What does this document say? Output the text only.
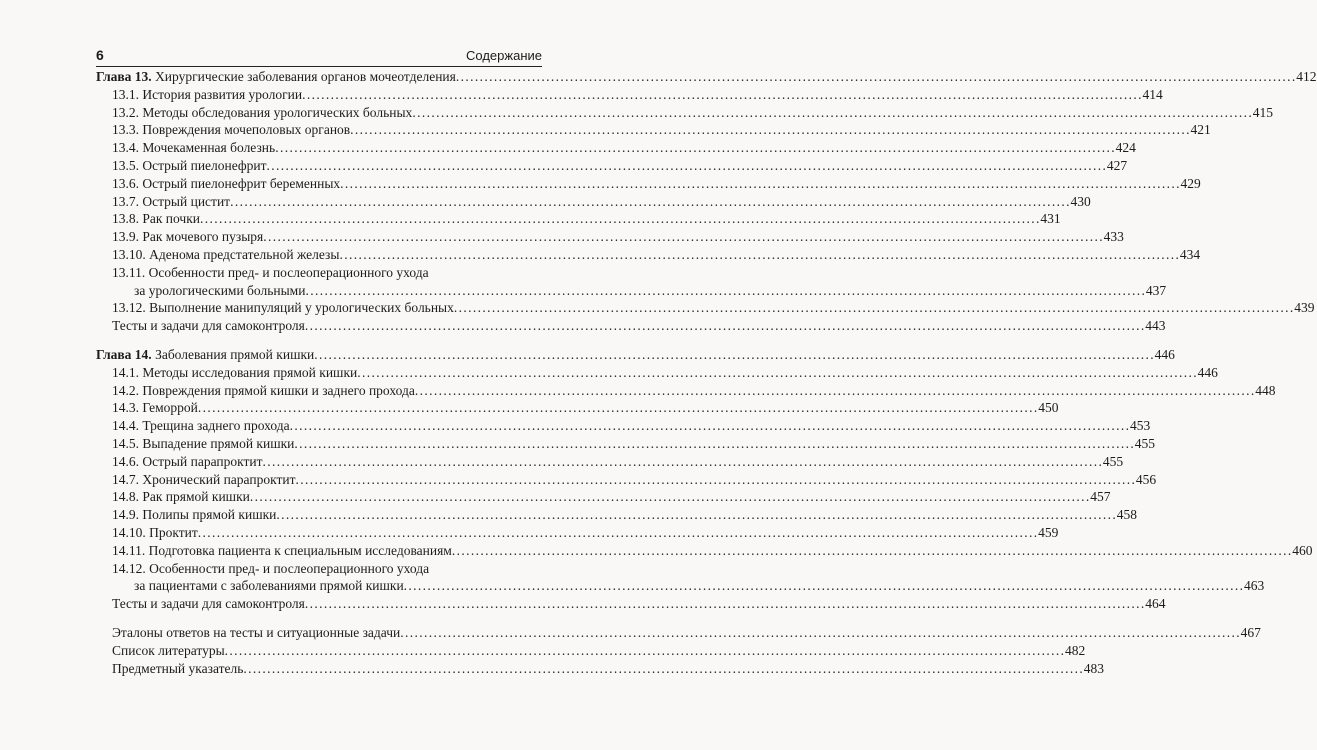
6	Содержание
Глава 13. Хирургические заболевания органов мочеотделения . . .	412
13.1. История развития урологии . . .	414
13.2. Методы обследования урологических больных . . .	415
13.3. Повреждения мочеполовых органов . . .	421
13.4. Мочекаменная болезнь . . .	424
13.5. Острый пиелонефрит . . .	427
13.6. Острый пиелонефрит беременных . . .	429
13.7. Острый цистит . . .	430
13.8. Рак почки . . .	431
13.9. Рак мочевого пузыря . . .	433
13.10. Аденома предстательной железы . . .	434
13.11. Особенности пред- и послеоперационного ухода
за урологическими больными . . .	437
13.12. Выполнение манипуляций у урологических больных . . .	439
Тесты и задачи для самоконтроля . . .	443
Глава 14. Заболевания прямой кишки . . .	446
14.1. Методы исследования прямой кишки . . .	446
14.2. Повреждения прямой кишки и заднего прохода . . .	448
14.3. Геморрой . . .	450
14.4. Трещина заднего прохода . . .	453
14.5. Выпадение прямой кишки . . .	455
14.6. Острый парапроктит . . .	455
14.7. Хронический парапроктит . . .	456
14.8. Рак прямой кишки . . .	457
14.9. Полипы прямой кишки . . .	458
14.10. Проктит . . .	459
14.11. Подготовка пациента к специальным исследованиям . . .	460
14.12. Особенности пред- и послеоперационного ухода
за пациентами с заболеваниями прямой кишки . . .	463
Тесты и задачи для самоконтроля . . .	464
Эталоны ответов на тесты и ситуационные задачи . . .	467
Список литературы . . .	482
Предметный указатель . . .	483
